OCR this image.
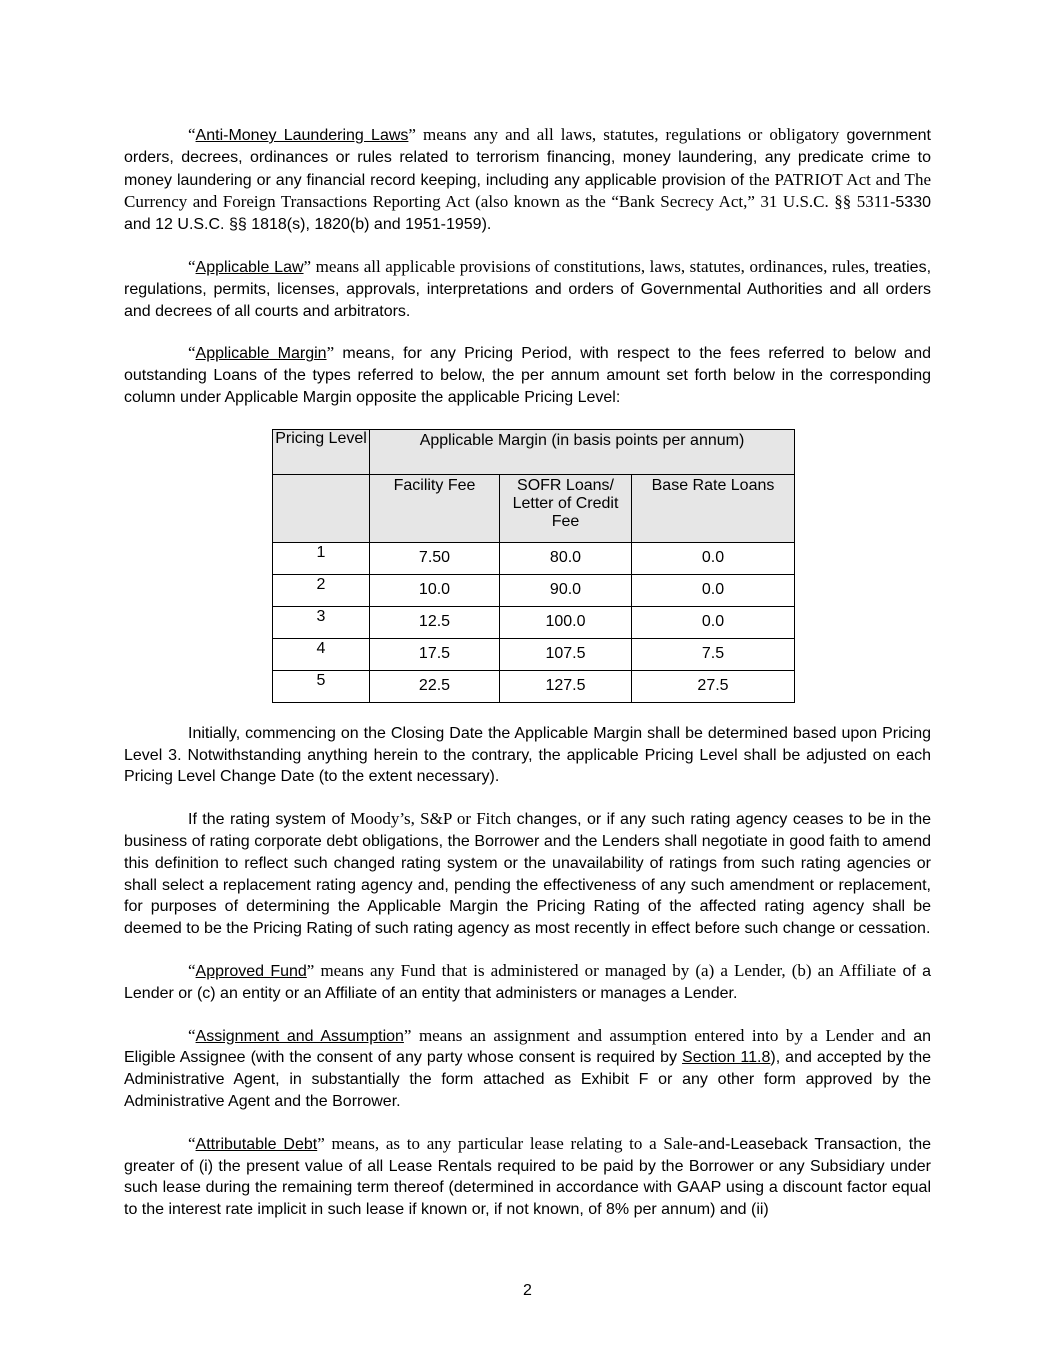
“Anti-Money Laundering Laws” means any and all laws, statutes, regulations or obligatory government orders, decrees, ordinances or rules related to terrorism financing, money laundering, any predicate crime to money laundering or any financial record keeping, including any applicable provision of the PATRIOT Act and The Currency and Foreign Transactions Reporting Act (also known as the “Bank Secrecy Act,” 31 U.S.C. §§ 5311-5330 and 12 U.S.C. §§ 1818(s), 1820(b) and 1951-1959).

“Applicable Law” means all applicable provisions of constitutions, laws, statutes, ordinances, rules, treaties, regulations, permits, licenses, approvals, interpretations and orders of Governmental Authorities and all orders and decrees of all courts and arbitrators.

“Applicable Margin” means, for any Pricing Period, with respect to the fees referred to below and outstanding Loans of the types referred to below, the per annum amount set forth below in the corresponding column under Applicable Margin opposite the applicable Pricing Level:

Pricing Level	Applicable Margin (in basis points per annum)		
	Facility Fee	SOFR Loans/ Letter of Credit Fee	Base Rate Loans
1	7.50	80.0	0.0
2	10.0	90.0	0.0
3	12.5	100.0	0.0
4	17.5	107.5	7.5
5	22.5	127.5	27.5

Initially, commencing on the Closing Date the Applicable Margin shall be determined based upon Pricing Level 3. Notwithstanding anything herein to the contrary, the applicable Pricing Level shall be adjusted on each Pricing Level Change Date (to the extent necessary).

If the rating system of Moody’s, S&P or Fitch changes, or if any such rating agency ceases to be in the business of rating corporate debt obligations, the Borrower and the Lenders shall negotiate in good faith to amend this definition to reflect such changed rating system or the unavailability of ratings from such rating agencies or shall select a replacement rating agency and, pending the effectiveness of any such amendment or replacement, for purposes of determining the Applicable Margin the Pricing Rating of the affected rating agency shall be deemed to be the Pricing Rating of such rating agency as most recently in effect before such change or cessation.

“Approved Fund” means any Fund that is administered or managed by (a) a Lender, (b) an Affiliate of a Lender or (c) an entity or an Affiliate of an entity that administers or manages a Lender.

“Assignment and Assumption” means an assignment and assumption entered into by a Lender and an Eligible Assignee (with the consent of any party whose consent is required by Section 11.8), and accepted by the Administrative Agent, in substantially the form attached as Exhibit F or any other form approved by the Administrative Agent and the Borrower.

“Attributable Debt” means, as to any particular lease relating to a Sale-and-Leaseback Transaction, the greater of (i) the present value of all Lease Rentals required to be paid by the Borrower or any Subsidiary under such lease during the remaining term thereof (determined in accordance with GAAP using a discount factor equal to the interest rate implicit in such lease if known or, if not known, of 8% per annum) and (ii)

2
